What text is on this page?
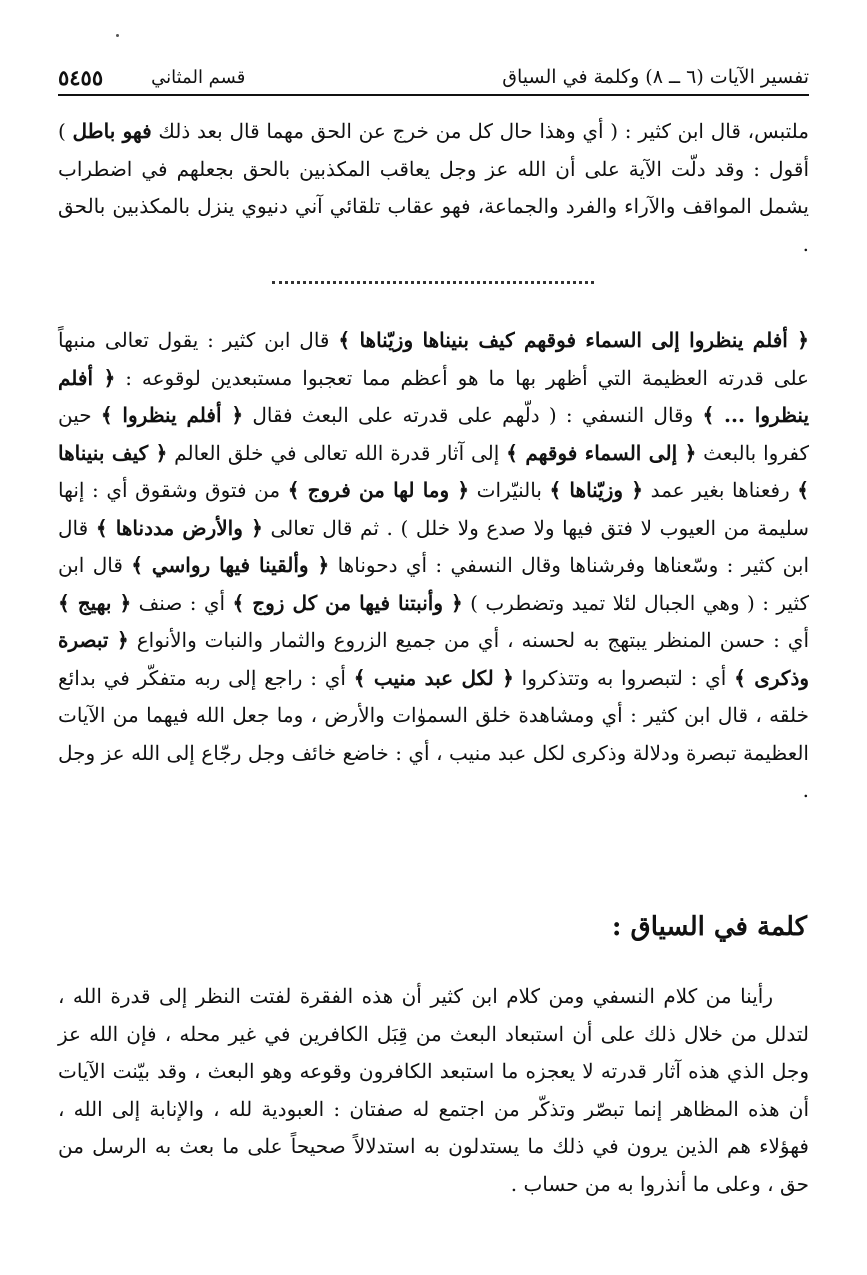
تفسير الآيات (٦ ــ ٨) وكلمة في السياق
قسم المثاني
٥٤٥٥
ملتبس، قال ابن كثير : ( أي وهذا حال كل من خرج عن الحق مهما قال بعد ذلك فهو باطل ) أقول : وقد دلّت الآية على أن الله عز وجل يعاقب المكذبين بالحق بجعلهم في اضطراب يشمل المواقف والآراء والفرد والجماعة، فهو عقاب تلقائي آني دنيوي ينزل بالمكذبين بالحق .
﴿ أفلم ينظروا إلى السماء فوقهم كيف بنيناها وزيّناها ﴾ قال ابن كثير : يقول تعالى منبهاً على قدرته العظيمة التي أظهر بها ما هو أعظم مما تعجبوا مستبعدين لوقوعه : ﴿ أفلم ينظروا ... ﴾ وقال النسفي : ( دلّهم على قدرته على البعث فقال ﴿ أفلم ينظروا ﴾ حين كفروا بالبعث ﴿ إلى السماء فوقهم ﴾ إلى آثار قدرة الله تعالى في خلق العالم ﴿ كيف بنيناها ﴾ رفعناها بغير عمد ﴿ وزيّناها ﴾ بالنيّرات ﴿ وما لها من فروج ﴾ من فتوق وشقوق أي : إنها سليمة من العيوب لا فتق فيها ولا صدع ولا خلل ) . ثم قال تعالى ﴿ والأرض مددناها ﴾ قال ابن كثير : وسّعناها وفرشناها وقال النسفي : أي دحوناها ﴿ وألقينا فيها رواسي ﴾ قال ابن كثير : ( وهي الجبال لئلا تميد وتضطرب ) ﴿ وأنبتنا فيها من كل زوج ﴾ أي : صنف ﴿ بهيج ﴾ أي : حسن المنظر يبتهج به لحسنه ، أي من جميع الزروع والثمار والنبات والأنواع ﴿ تبصرة وذكرى ﴾ أي : لتبصروا به وتتذكروا ﴿ لكل عبد منيب ﴾ أي : راجع إلى ربه متفكّر في بدائع خلقه ، قال ابن كثير : أي ومشاهدة خلق السموٰات والأرض ، وما جعل الله فيهما من الآيات العظيمة تبصرة ودلالة وذكرى لكل عبد منيب ، أي : خاضع خائف وجل رجّاع إلى الله عز وجل .
كلمة في السياق :
رأينا من كلام النسفي ومن كلام ابن كثير أن هذه الفقرة لفتت النظر إلى قدرة الله ، لتدلل من خلال ذلك على أن استبعاد البعث من قِبَل الكافرين في غير محله ، فإن الله عز وجل الذي هذه آثار قدرته لا يعجزه ما استبعد الكافرون وقوعه وهو البعث ، وقد بيّنت الآيات أن هذه المظاهر إنما تبصّر وتذكّر من اجتمع له صفتان : العبودية لله ، والإنابة إلى الله ، فهؤلاء هم الذين يرون في ذلك ما يستدلون به استدلالاً صحيحاً على ما بعث به الرسل من حق ، وعلى ما أنذروا به من حساب .
